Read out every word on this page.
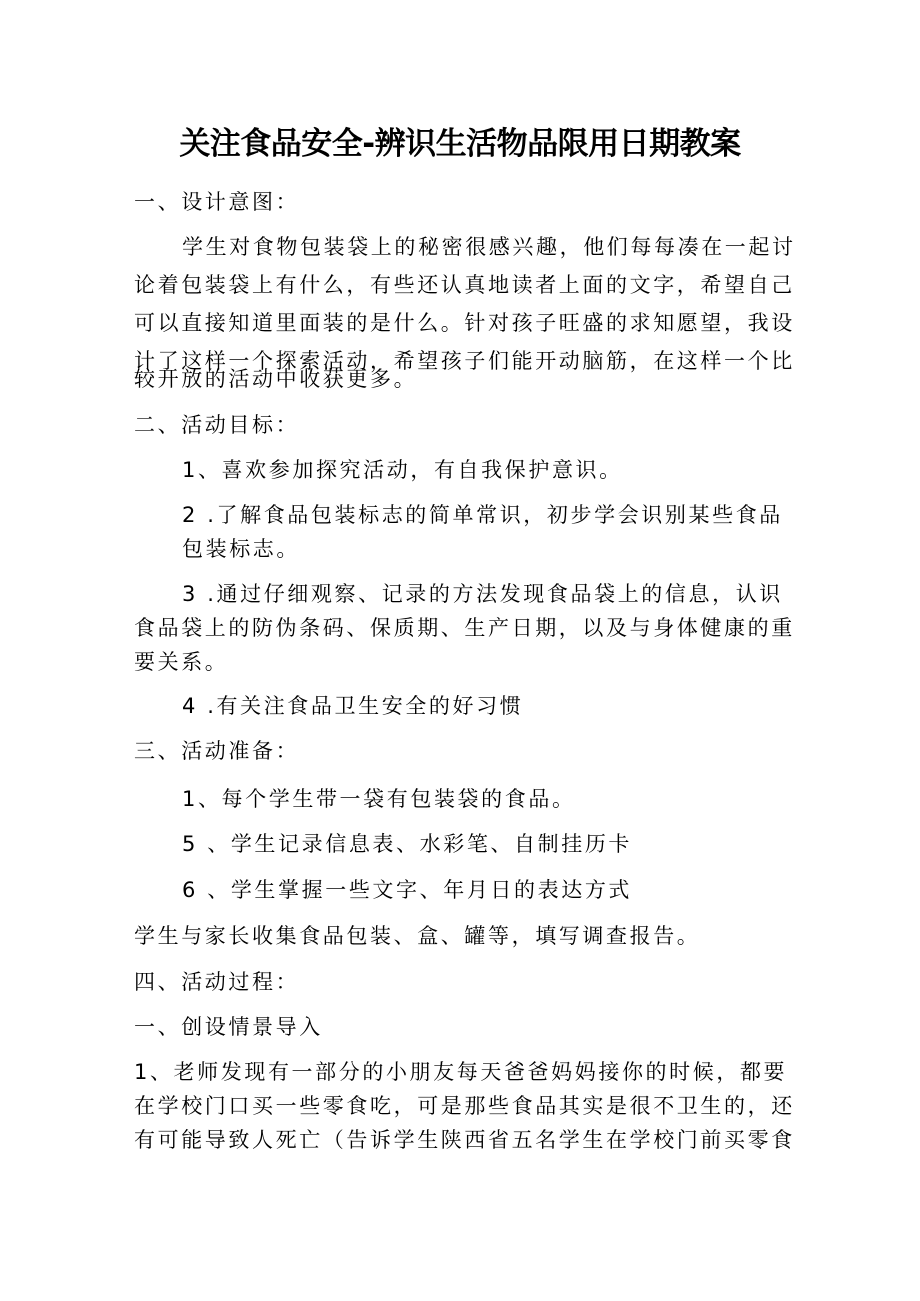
关注食品安全-辨识生活物品限用日期教案
一、设计意图：
学生对食物包装袋上的秘密很感兴趣，他们每每凑在一起讨
论着包装袋上有什么，有些还认真地读者上面的文字，希望自己
可以直接知道里面装的是什么。针对孩子旺盛的求知愿望，我设
计了这样一个探索活动，希望孩子们能开动脑筋，在这样一个比
较开放的活动中收获更多。
二、活动目标：
1、喜欢参加探究活动，有自我保护意识。
2 .了解食品包装标志的简单常识，初步学会识别某些食品
包装标志。
3 .通过仔细观察、记录的方法发现食品袋上的信息，认识
食品袋上的防伪条码、保质期、生产日期，以及与身体健康的重
要关系。
4 .有关注食品卫生安全的好习惯
三、活动准备：
1、每个学生带一袋有包装袋的食品。
5 、学生记录信息表、水彩笔、自制挂历卡
6 、学生掌握一些文字、年月日的表达方式
学生与家长收集食品包装、盒、罐等，填写调查报告。
四、活动过程：
一、创设情景导入
1、老师发现有一部分的小朋友每天爸爸妈妈接你的时候，都要
在学校门口买一些零食吃，可是那些食品其实是很不卫生的，还
有可能导致人死亡（告诉学生陕西省五名学生在学校门前买零食
